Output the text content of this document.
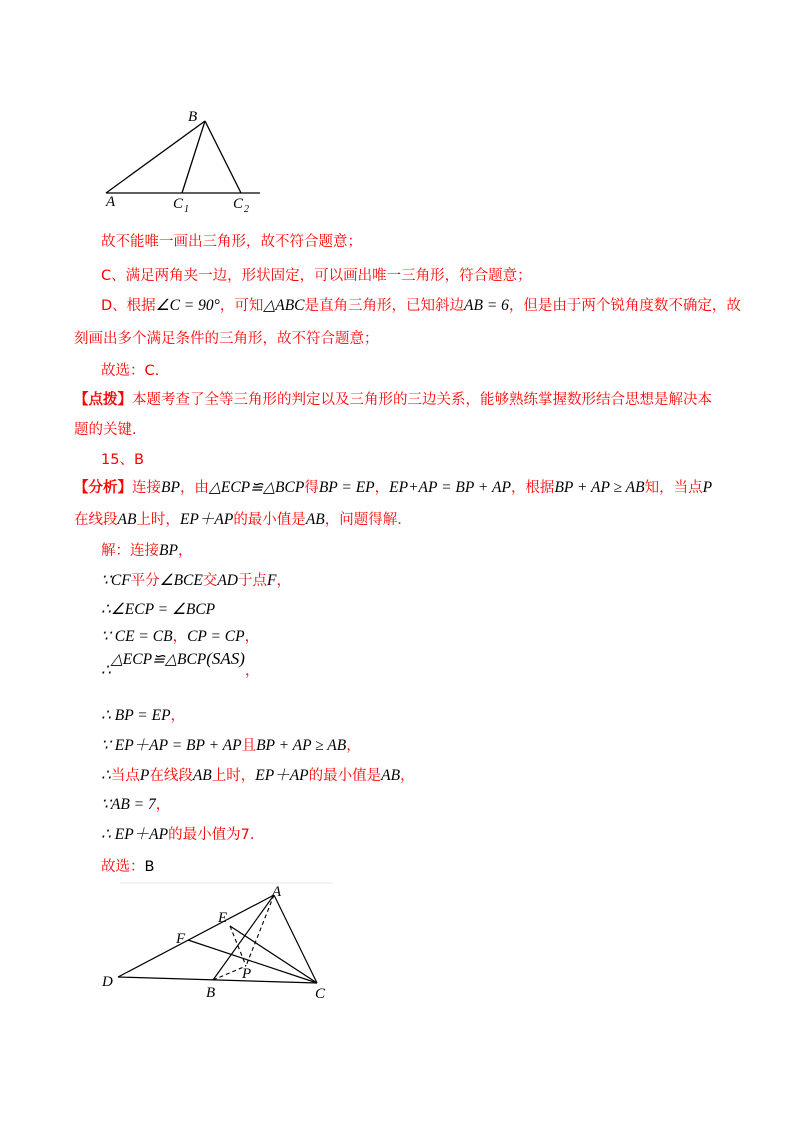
B
A	C 1	C 2
故不能唯一画出三角形，故不符合题意；
C、满足两角夹一边，形状固定，可以画出唯一三角形，符合题意；
D、根据∠C = 90°，可知△ABC是直角三角形，已知斜边AB = 6，但是由于两个锐角度数不确定，故
刻画出多个满足条件的三角形，故不符合题意；
故选：C.
【点拨】本题考查了全等三角形的判定以及三角形的三边关系，能够熟练掌握数形结合思想是解决本
题的关键.
15、B
【分析】连接BP，由△ECP≌△BCP得BP = EP，EP+AP = BP + AP，根据BP + AP ≥ AB知，当点P
在线段AB上时，EP＋AP的最小值是AB，问题得解.
解：连接BP，
∵CF平分∠BCE交AD于点F，
∴∠ECP = ∠BCP
∵ CE = CB，CP = CP，
∴△ECP≌△BCP(SAS)，
∴ BP = EP，
∵ EP＋AP = BP + AP且BP + AP ≥ AB，
∴当点P在线段AB上时，EP＋AP的最小值是AB，
∵AB = 7，
∴ EP＋AP的最小值为7.
故选：B
A
E
F
P
D
B	C
